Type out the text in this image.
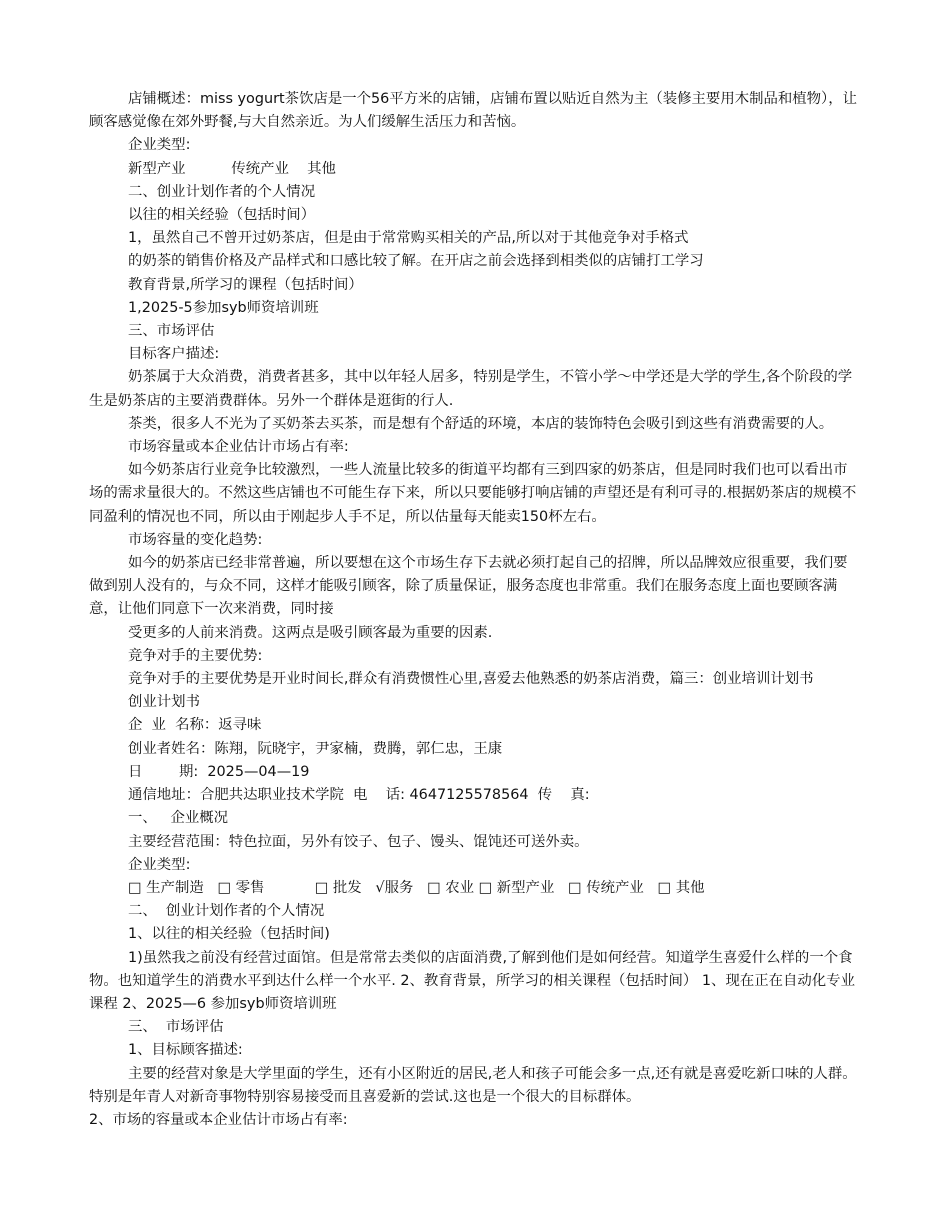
店铺概述：miss yogurt茶饮店是一个56平方米的店铺，店铺布置以贴近自然为主（装修主要用木制品和植物），让顾客感觉像在郊外野餐,与大自然亲近。为人们缓解生活压力和苦恼。

企业类型:

新型产业          传统产业    其他

二、创业计划作者的个人情况

以往的相关经验（包括时间）

1，虽然自己不曾开过奶茶店，但是由于常常购买相关的产品,所以对于其他竞争对手格式

的奶茶的销售价格及产品样式和口感比较了解。在开店之前会选择到相类似的店铺打工学习

教育背景,所学习的课程（包括时间）

1,2025-5参加syb师资培训班

三、市场评估

目标客户描述:

奶茶属于大众消费，消费者甚多，其中以年轻人居多，特别是学生，不管小学～中学还是大学的学生,各个阶段的学生是奶茶店的主要消费群体。另外一个群体是逛街的行人.

茶类，很多人不光为了买奶茶去买茶，而是想有个舒适的环境，本店的装饰特色会吸引到这些有消费需要的人。

市场容量或本企业估计市场占有率:

如今奶茶店行业竞争比较激烈，一些人流量比较多的街道平均都有三到四家的奶茶店，但是同时我们也可以看出市场的需求量很大的。不然这些店铺也不可能生存下来，所以只要能够打响店铺的声望还是有利可寻的.根据奶茶店的规模不同盈利的情况也不同，所以由于刚起步人手不足，所以估量每天能卖150杯左右。

市场容量的变化趋势:

如今的奶茶店已经非常普遍，所以要想在这个市场生存下去就必须打起自己的招牌，所以品牌效应很重要，我们要做到别人没有的，与众不同，这样才能吸引顾客，除了质量保证，服务态度也非常重。我们在服务态度上面也要顾客满意，让他们同意下一次来消费，同时接

受更多的人前来消费。这两点是吸引顾客最为重要的因素.

竞争对手的主要优势:

竞争对手的主要优势是开业时间长,群众有消费惯性心里,喜爱去他熟悉的奶茶店消费，篇三：创业培训计划书

创业计划书

企  业  名称：返寻味

创业者姓名：陈翔，阮晓宇，尹家楠，费腾，郭仁忠，王康

日        期:  2025—04—19

通信地址：合肥共达职业技术学院  电    话: 4647125578564  传    真:

一、   企业概况

主要经营范围：特色拉面，另外有饺子、包子、馒头、馄饨还可送外卖。

企业类型:

□ 生产制造   □ 零售           □ 批发   √服务   □ 农业 □ 新型产业   □ 传统产业   □ 其他

二、  创业计划作者的个人情况

1、以往的相关经验（包括时间)

1)虽然我之前没有经营过面馆。但是常常去类似的店面消费,了解到他们是如何经营。知道学生喜爱什么样的一个食物。也知道学生的消费水平到达什么样一个水平. 2、教育背景，所学习的相关课程（包括时间） 1、现在正在自动化专业课程 2、2025—6 参加syb师资培训班

三、  市场评估

1、目标顾客描述:

主要的经营对象是大学里面的学生，还有小区附近的居民,老人和孩子可能会多一点,还有就是喜爱吃新口味的人群。特别是年青人对新奇事物特别容易接受而且喜爱新的尝试.这也是一个很大的目标群体。

2、市场的容量或本企业估计市场占有率:
